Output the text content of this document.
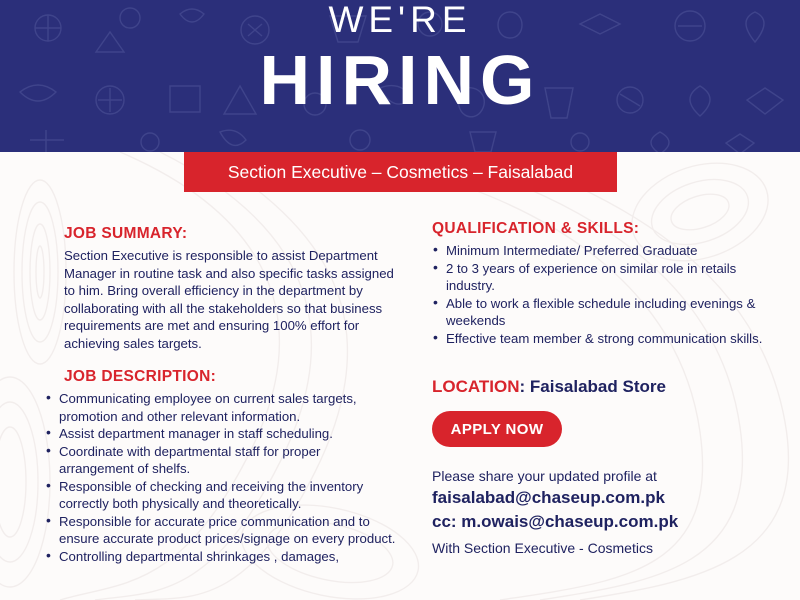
WE'RE
HIRING
Section Executive – Cosmetics – Faisalabad
JOB SUMMARY:
Section Executive is responsible to assist Department Manager in routine task and also specific tasks assigned to him. Bring overall efficiency in the department by collaborating with all the stakeholders so that business requirements are met and ensuring 100% effort for achieving sales targets.
JOB DESCRIPTION:
• Communicating employee on current sales targets, promotion and other relevant information.
• Assist department manager in staff scheduling.
• Coordinate with departmental staff for proper arrangement of shelfs.
• Responsible of checking and receiving the inventory correctly both physically and theoretically.
• Responsible for accurate price communication and to ensure accurate product prices/signage on every product.
• Controlling departmental shrinkages , damages,
QUALIFICATION & SKILLS:
• Minimum Intermediate/ Preferred Graduate
• 2 to 3 years of experience on similar role in retails industry.
• Able to work a flexible schedule including evenings & weekends
• Effective team member & strong communication skills.
LOCATION: Faisalabad Store
APPLY NOW
Please share your updated profile at
faisalabad@chaseup.com.pk
cc: m.owais@chaseup.com.pk
With Section Executive - Cosmetics
